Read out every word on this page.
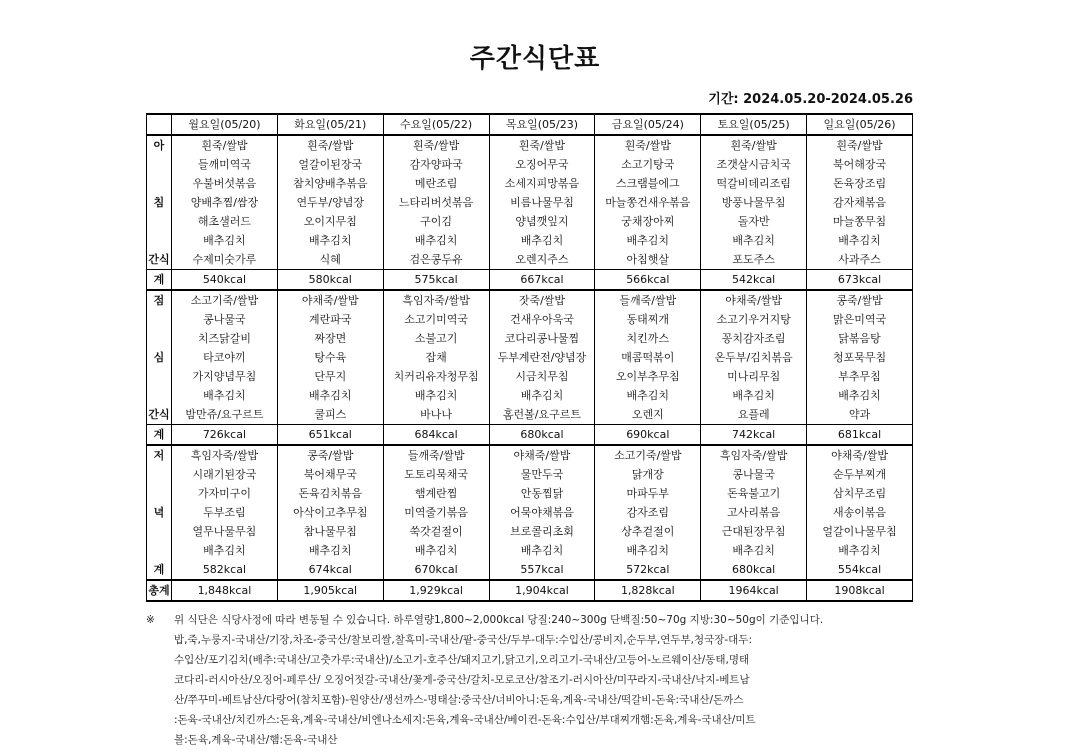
주간식단표
기간: 2024.05.20-2024.05.26
	월요일(05/20)	화요일(05/21)	수요일(05/22)	목요일(05/23)	금요일(05/24)	토요일(05/25)	일요일(05/26)
아	흰죽/쌀밥	흰죽/쌀밥	흰죽/쌀밥	흰죽/쌀밥	흰죽/쌀밥	흰죽/쌀밥	흰죽/쌀밥
	들깨미역국	얼갈이된장국	감자양파국	오징어무국	소고기탕국	조갯살시금치국	북어해장국
	우불버섯볶음	참치양배추볶음	메란조림	소세지피망볶음	스크램블에그	떡갈비데리조림	돈육장조림
침	양배추찜/쌈장	연두부/양념장	느타리버섯볶음	비름나물무침	마늘쫑건새우볶음	방풍나물무침	감자채볶음
	해초샐러드	오이지무침	구이김	양념깻잎지	궁채장아찌	돌자반	마늘쫑무침
	배추김치	배추김치	배추김치	배추김치	배추김치	배추김치	배추김치
간식	수제미숫가루	식혜	검은콩두유	오렌지주스	아침햇살	포도주스	사과주스
계	540kcal	580kcal	575kcal	667kcal	566kcal	542kcal	673kcal
점	소고기죽/쌀밥	야채죽/쌀밥	흑임자죽/쌀밥	잣죽/쌀밥	들깨죽/쌀밥	야채죽/쌀밥	콩죽/쌀밥
	콩나물국	계란파국	소고기미역국	건새우아욱국	동태찌개	소고기우거지탕	맑은미역국
	치즈닭갈비	짜장면	소불고기	코다리콩나물찜	치킨까스	꽁치감자조림	닭볶음탕
심	타코야끼	탕수육	잡채	두부계란전/양념장	매콤떡볶이	온두부/김치볶음	청포묵무침
	가지양념무침	단무지	치커리유자청무침	시금치무침	오이부추무침	미나리무침	부추무침
	배추김치	배추김치	배추김치	배추김치	배추김치	배추김치	배추김치
간식	밤만쥬/요구르트	쿨피스	바나나	홈런볼/요구르트	오렌지	요플레	약과
계	726kcal	651kcal	684kcal	680kcal	690kcal	742kcal	681kcal
저	흑임자죽/쌀밥	콩죽/쌀밥	들깨죽/쌀밥	야채죽/쌀밥	소고기죽/쌀밥	흑임자죽/쌀밥	야채죽/쌀밥
	시래기된장국	북어채무국	도토리묵채국	물만두국	닭개장	콩나물국	순두부찌개
	가자미구이	돈육김치볶음	햄계란찜	안동찜닭	마파두부	돈육불고기	삼치무조림
녁	두부조림	아삭이고추무침	미역줄기볶음	어묵야채볶음	감자조림	고사리볶음	새송이볶음
	열무나물무침	참나물무침	쑥갓겉절이	브로콜리초회	상추겉절이	근대된장무침	얼갈이나물무침
	배추김치	배추김치	배추김치	배추김치	배추김치	배추김치	배추김치
계	582kcal	674kcal	670kcal	557kcal	572kcal	680kcal	554kcal
총계	1,848kcal	1,905kcal	1,929kcal	1,904kcal	1,828kcal	1964kcal	1908kcal
※	위 식단은 식당사정에 따라 변동될 수 있습니다. 하루열량1,800~2,000kcal 당질:240~300g 단백질:50~70g 지방:30~50g이 기준입니다.
밥,죽,누룽지-국내산/기장,차조-중국산/찰보리쌀,찰흑미-국내산/팥-중국산/두부-대두:수입산/콩비지,순두부,연두부,청국장-대두:
수입산/포기김치(배추:국내산/고춧가루:국내산)/소고기-호주산/돼지고기,닭고기,오리고기-국내산/고등어-노르웨이산/동태,명태
코다리-러시아산/오징어-페루산/ 오징어젓갈-국내산/꽃게-중국산/갈치-모로코산/참조기-러시아산/미꾸라지-국내산/낙지-베트남
산/쭈꾸미-베트남산/다랑어(참치포함)-원양산/생선까스-명태살:중국산/너비아니:돈육,계육-국내산/떡갈비-돈육:국내산/돈까스
:돈육-국내산/치킨까스:돈육,계육-국내산/비엔나소세지:돈육,계육-국내산/베이컨-돈육:수입산/부대찌개햄:돈육,계육-국내산/미트
볼:돈육,계육-국내산/햄:돈육-국내산
